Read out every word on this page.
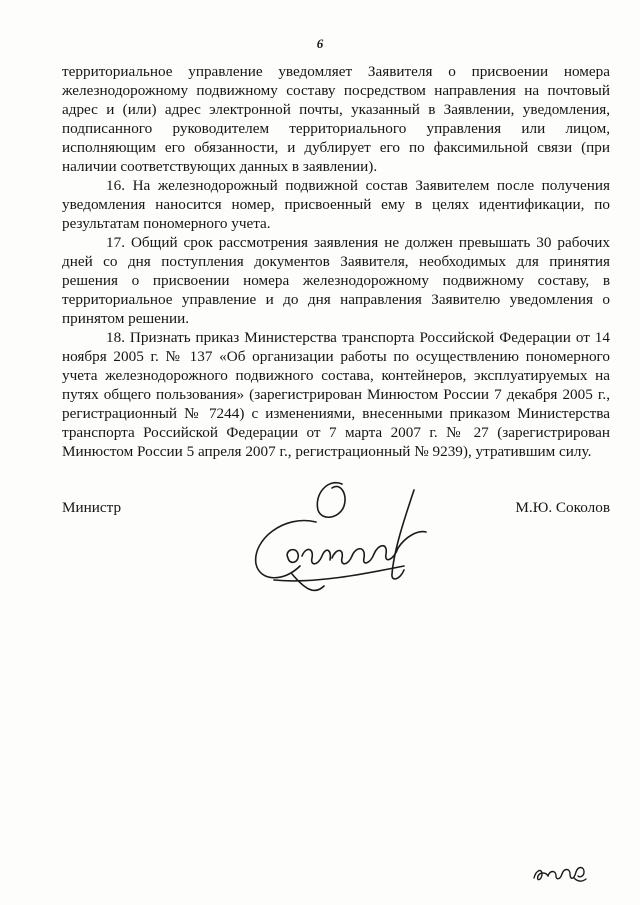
6

территориальное управление уведомляет Заявителя о присвоении номера железнодорожному подвижному составу посредством направления на почтовый адрес и (или) адрес электронной почты, указанный в Заявлении, уведомления, подписанного руководителем территориального управления или лицом, исполняющим его обязанности, и дублирует его по факсимильной связи (при наличии соответствующих данных в заявлении).

16. На железнодорожный подвижной состав Заявителем после получения уведомления наносится номер, присвоенный ему в целях идентификации, по результатам пономерного учета.

17. Общий срок рассмотрения заявления не должен превышать 30 рабочих дней со дня поступления документов Заявителя, необходимых для принятия решения о присвоении номера железнодорожному подвижному составу, в территориальное управление и до дня направления Заявителю уведомления о принятом решении.

18. Признать приказ Министерства транспорта Российской Федерации от 14 ноября 2005 г. № 137 «Об организации работы по осуществлению пономерного учета железнодорожного подвижного состава, контейнеров, эксплуатируемых на путях общего пользования» (зарегистрирован Минюстом России 7 декабря 2005 г., регистрационный № 7244) с изменениями, внесенными приказом Министерства транспорта Российской Федерации от 7 марта 2007 г. № 27 (зарегистрирован Минюстом России 5 апреля 2007 г., регистрационный № 9239), утратившим силу.

Министр	М.Ю. Соколов
